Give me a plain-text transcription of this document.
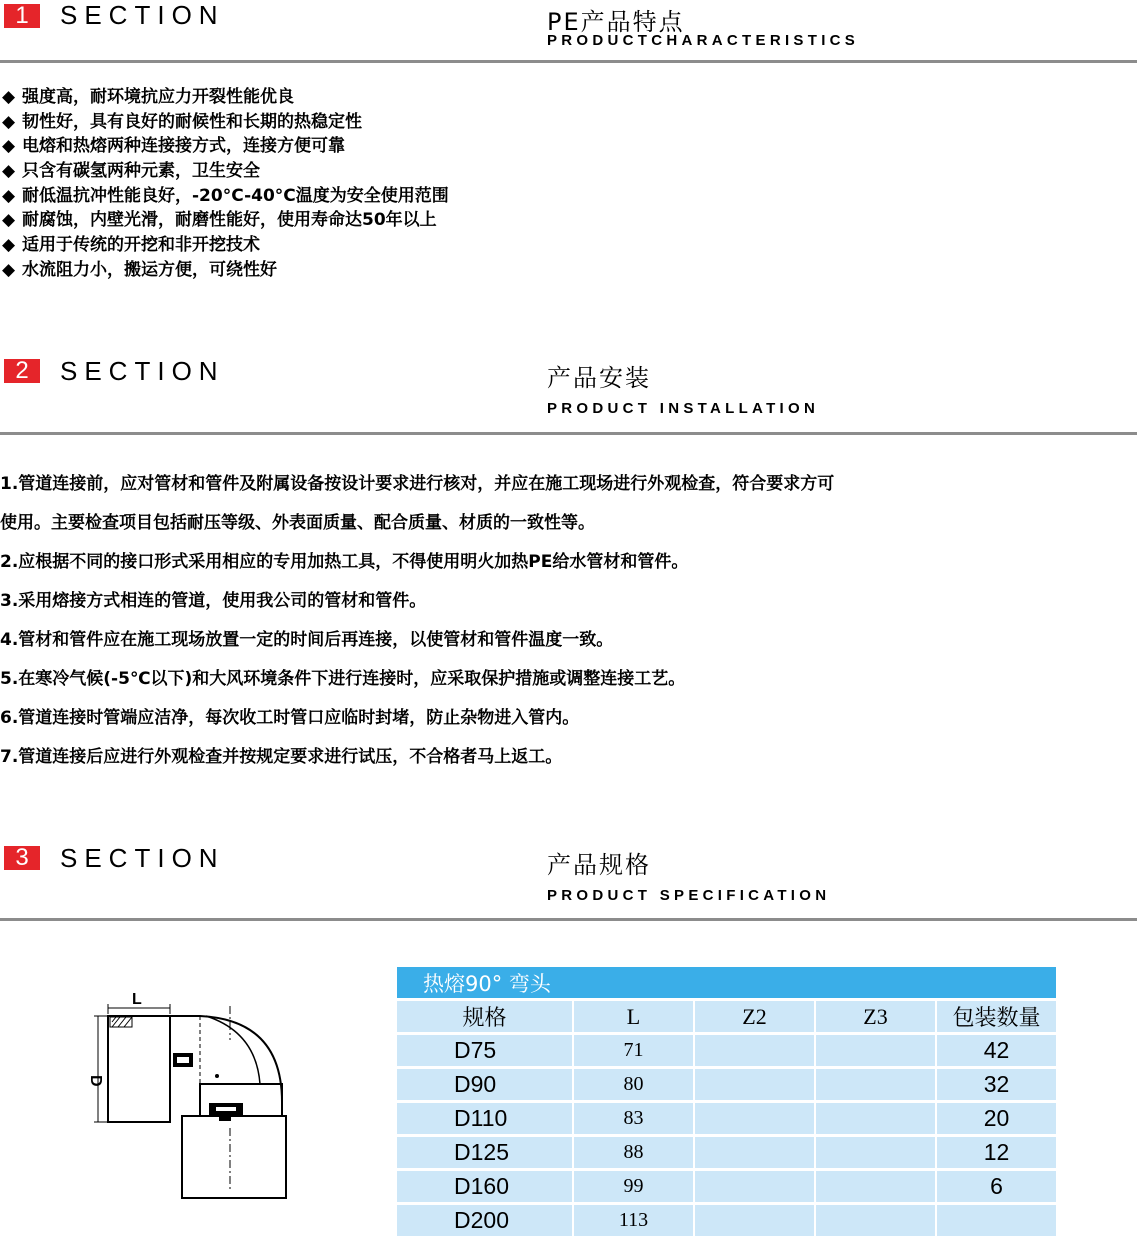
1	SECTION	PE产品特点
PRODUCTCHARACTERISTICS
◆ 强度高，耐环境抗应力开裂性能优良
◆ 韧性好，具有良好的耐候性和长期的热稳定性
◆ 电熔和热熔两种连接接方式，连接方便可靠
◆ 只含有碳氢两种元素，卫生安全
◆ 耐低温抗冲性能良好，-20°C-40°C温度为安全使用范围
◆ 耐腐蚀，内壁光滑，耐磨性能好，使用寿命达50年以上
◆ 适用于传统的开挖和非开挖技术
◆ 水流阻力小，搬运方便，可绕性好
2	SECTION	产品安装
PRODUCT INSTALLATION
1.管道连接前，应对管材和管件及附属设备按设计要求进行核对，并应在施工现场进行外观检查，符合要求方可
使用。主要检查项目包括耐压等级、外表面质量、配合质量、材质的一致性等。
2.应根据不同的接口形式采用相应的专用加热工具，不得使用明火加热PE给水管材和管件。
3.采用熔接方式相连的管道，使用我公司的管材和管件。
4.管材和管件应在施工现场放置一定的时间后再连接，以使管材和管件温度一致。
5.在寒冷气候(-5℃以下)和大风环境条件下进行连接时，应采取保护措施或调整连接工艺。
6.管道连接时管端应洁净，每次收工时管口应临时封堵，防止杂物进入管内。
7.管道连接后应进行外观检查并按规定要求进行试压，不合格者马上返工。
3	SECTION	产品规格
PRODUCT SPECIFICATION
L
D
热熔90° 弯头				
规格	L	Z2	Z3	包装数量
D75	71			42
D90	80			32
D110	83			20
D125	88			12
D160	99			6
D200	113			
